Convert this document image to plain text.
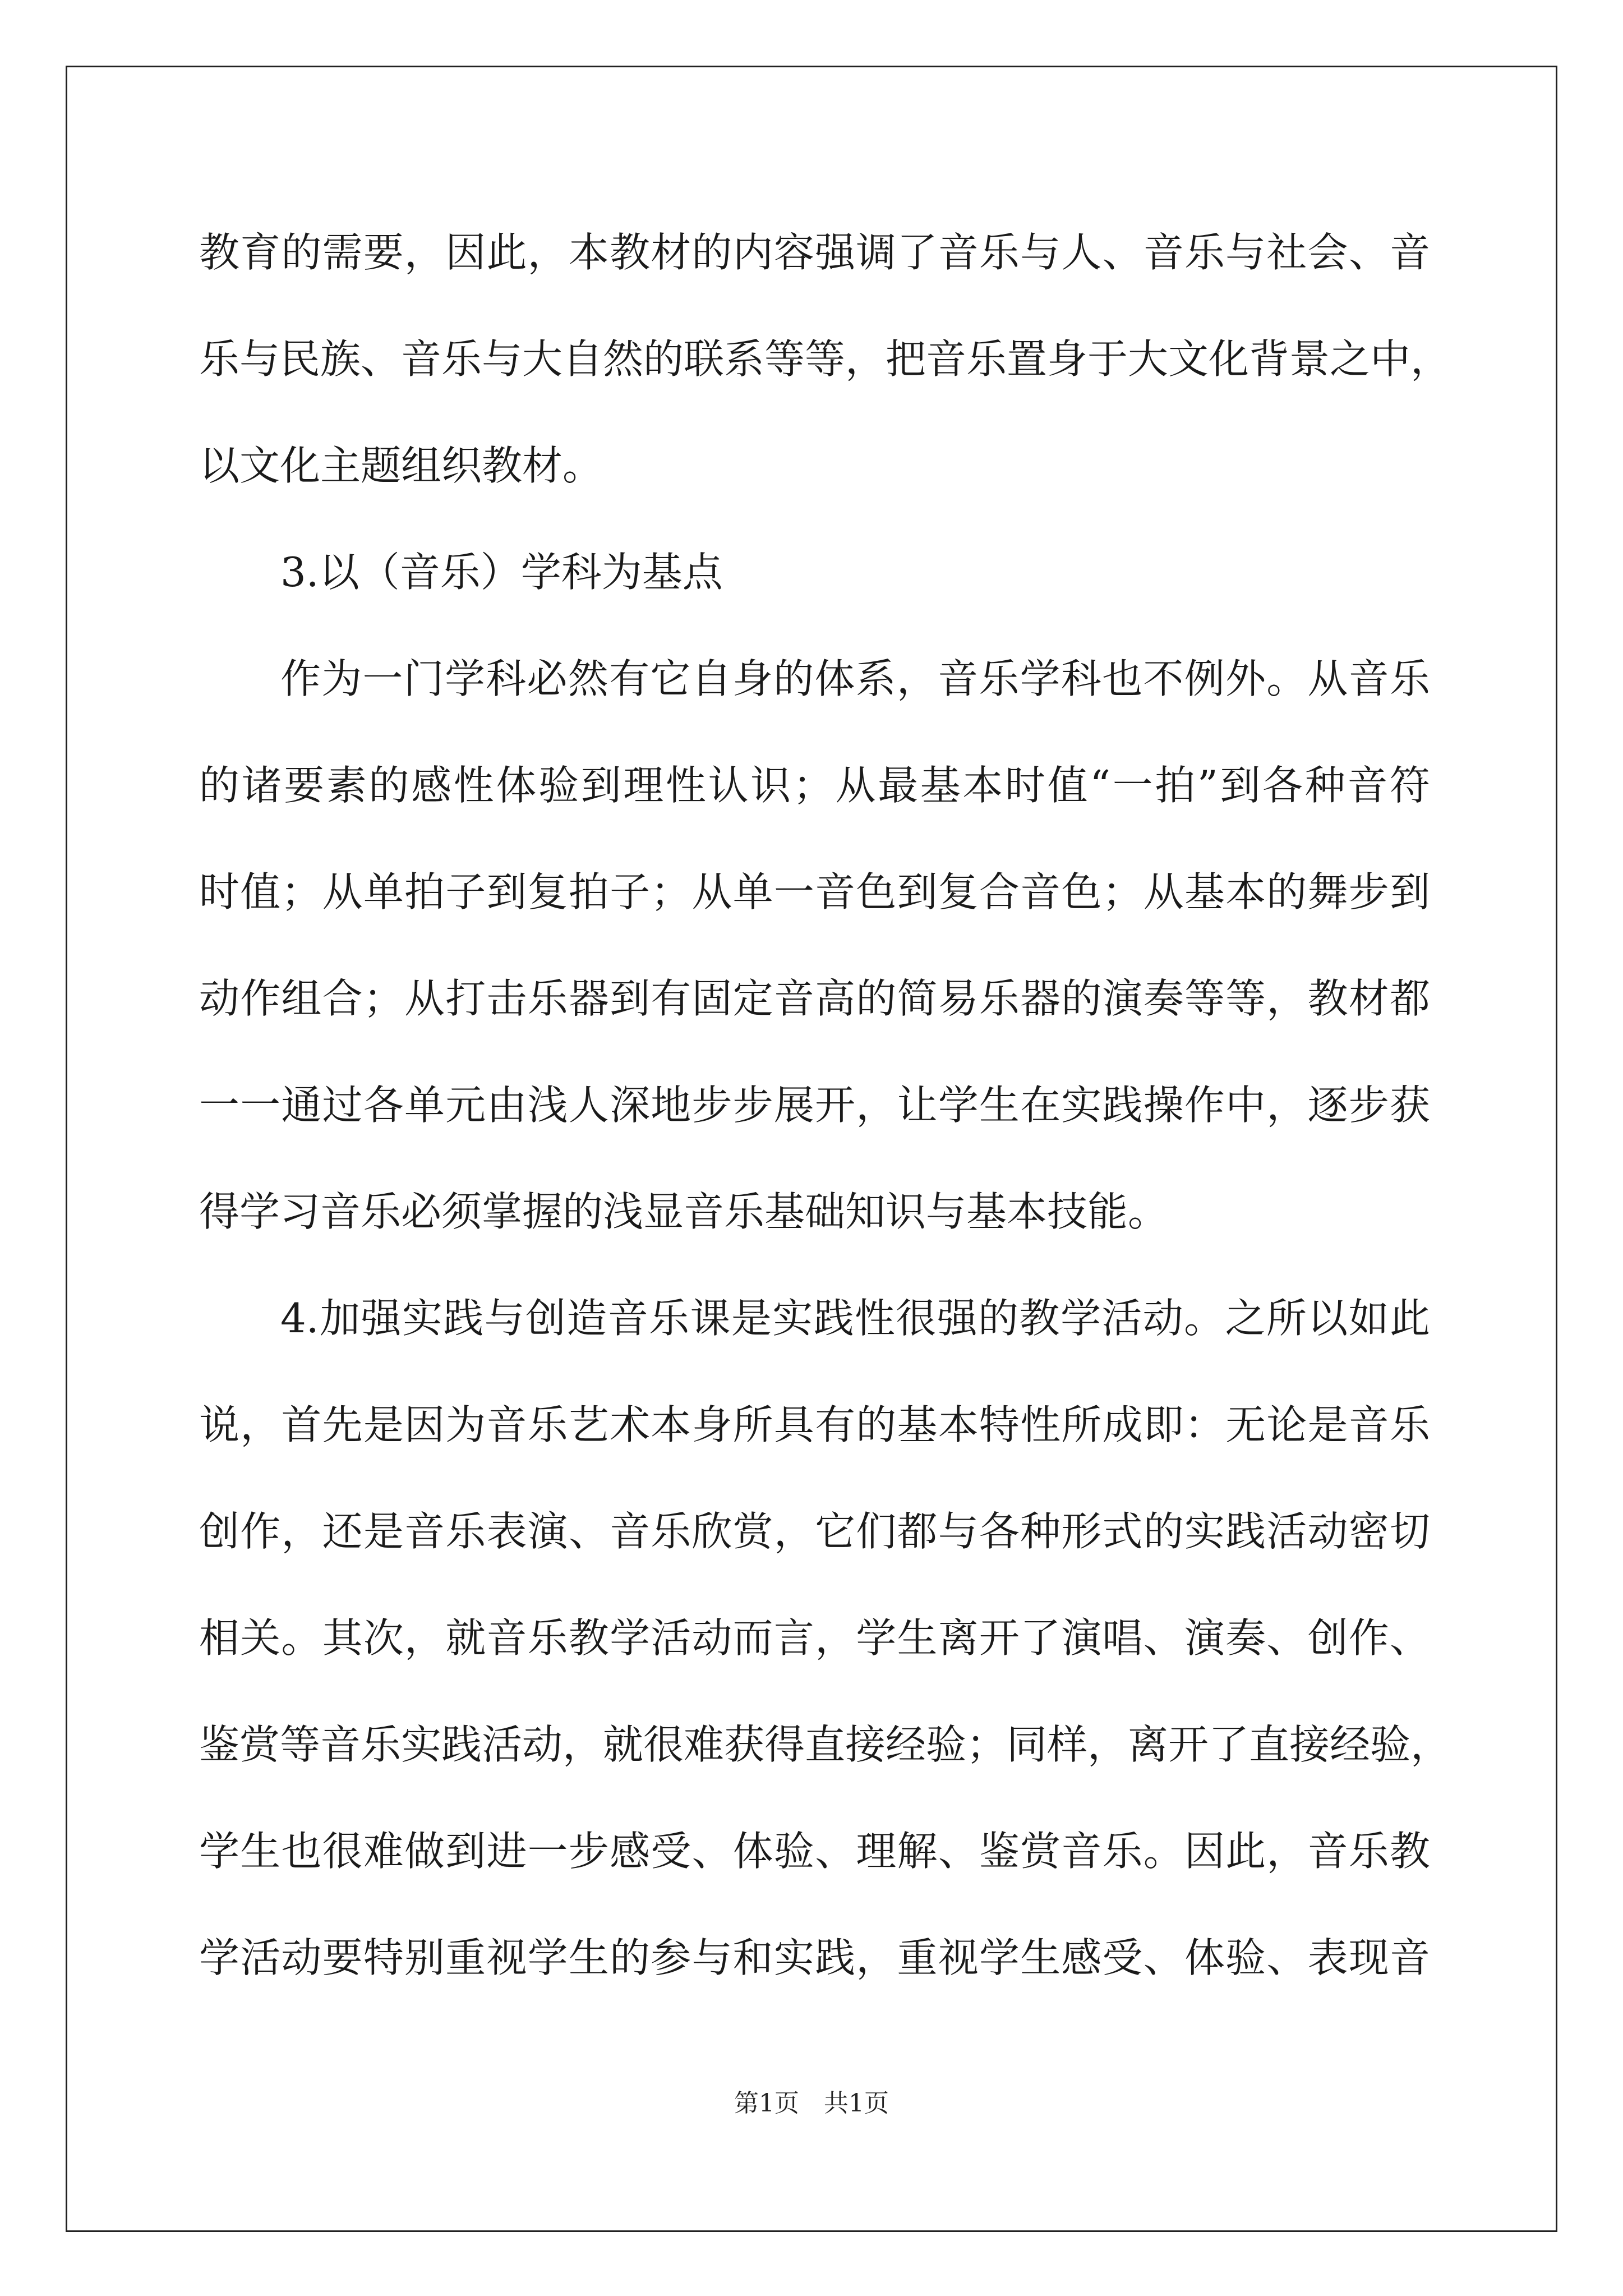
教育的需要，因此，本教材的内容强调了音乐与人、音乐与社会、音
乐与民族、音乐与大自然的联系等等，把音乐置身于大文化背景之中，
以文化主题组织教材。
3.以（音乐）学科为基点
作为一门学科必然有它自身的体系，音乐学科也不例外。从音乐
的诸要素的感性体验到理性认识；从最基本时值“一拍”到各种音符
时值；从单拍子到复拍子；从单一音色到复合音色；从基本的舞步到
动作组合；从打击乐器到有固定音高的简易乐器的演奏等等，教材都
一一通过各单元由浅人深地步步展开，让学生在实践操作中，逐步获
得学习音乐必须掌握的浅显音乐基础知识与基本技能。
4.加强实践与创造音乐课是实践性很强的教学活动。之所以如此
说，首先是因为音乐艺术本身所具有的基本特性所成即：无论是音乐
创作，还是音乐表演、音乐欣赏，它们都与各种形式的实践活动密切
相关。其次，就音乐教学活动而言，学生离开了演唱、演奏、创作、
鉴赏等音乐实践活动，就很难获得直接经验；同样，离开了直接经验，
学生也很难做到进一步感受、体验、理解、鉴赏音乐。因此，音乐教
学活动要特别重视学生的参与和实践，重视学生感受、体验、表现音
第1页 共1页
